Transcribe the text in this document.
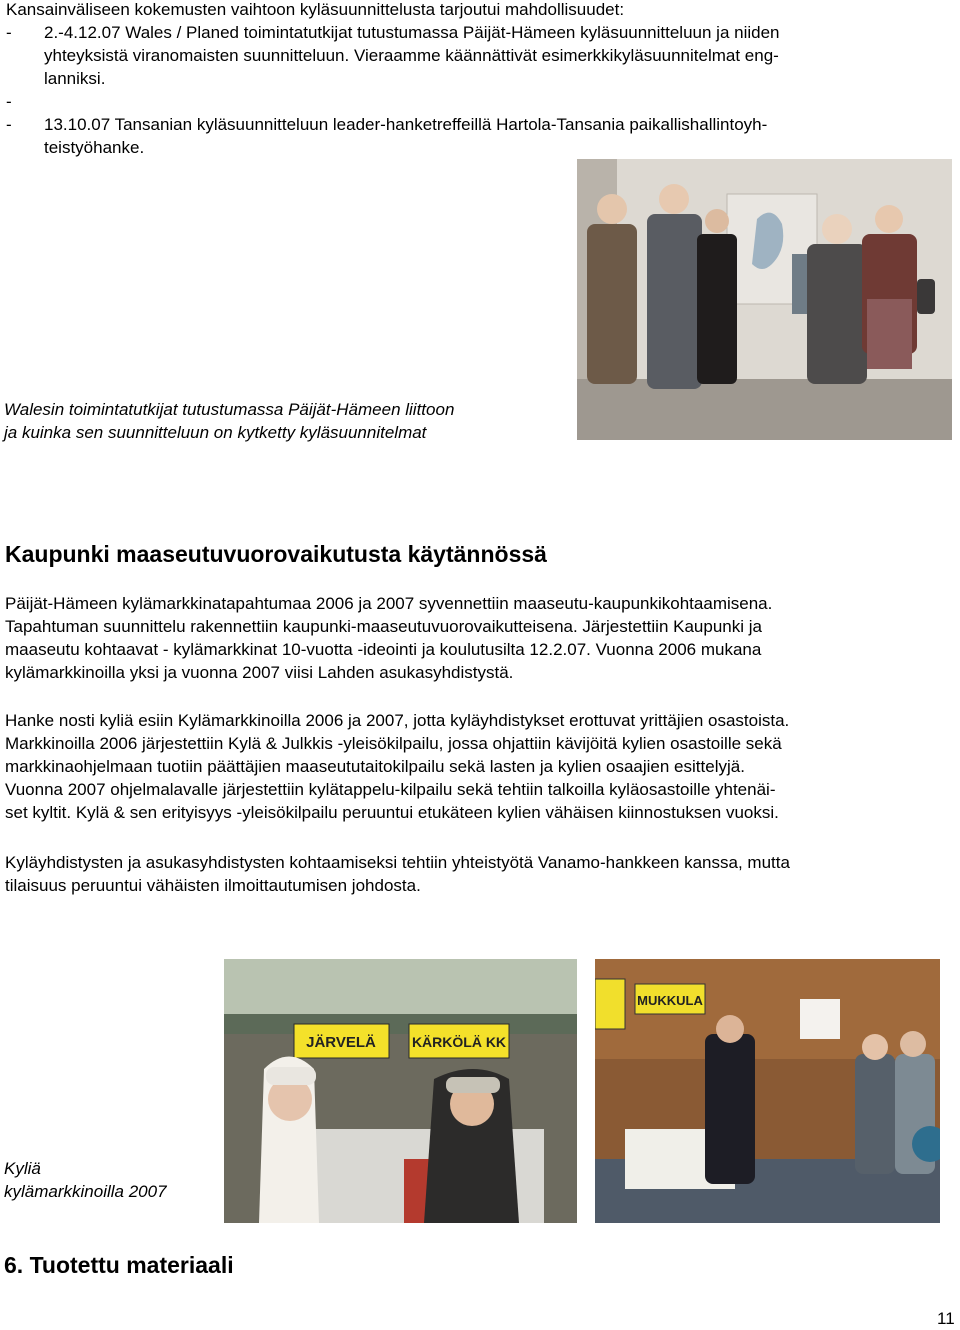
Kansainväliseen kokemusten vaihtoon kyläsuunnittelusta tarjoutui mahdollisuudet:
- 2.-4.12.07 Wales / Planed toimintatutkijat tutustumassa Päijät-Hämeen kyläsuunnitteluun ja niiden
yhteyksistä viranomaisten suunnitteluun. Vieraamme käännättivät esimerkkikyläsuunnitelmat eng-
lanniksi.
-
- 13.10.07 Tansanian kyläsuunnitteluun leader-hanketreffeillä Hartola-Tansania paikallishallintoyh-
teistyöhanke.
Walesin toimintatutkijat tutustumassa Päijät-Hämeen liittoon
ja kuinka sen suunnitteluun on kytketty kyläsuunnitelmat
Kaupunki maaseutuvuorovaikutusta käytännössä
Päijät-Hämeen kylämarkkinatapahtumaa 2006 ja 2007 syvennettiin maaseutu-kaupunkikohtaamisena.
Tapahtuman suunnittelu rakennettiin kaupunki-maaseutuvuorovaikutteisena. Järjestettiin Kaupunki ja
maaseutu kohtaavat - kylämarkkinat 10-vuotta -ideointi ja koulutusilta 12.2.07. Vuonna 2006 mukana
kylämarkkinoilla yksi ja vuonna 2007 viisi Lahden asukasyhdistystä.
Hanke nosti kyliä esiin Kylämarkkinoilla 2006 ja 2007, jotta kyläyhdistykset erottuvat yrittäjien osastoista.
Markkinoilla 2006 järjestettiin Kylä & Julkkis -yleisökilpailu, jossa ohjattiin kävijöitä kylien osastoille sekä
markkinaohjelmaan tuotiin päättäjien maaseututaitokilpailu sekä lasten ja kylien osaajien esittelyjä.
Vuonna 2007 ohjelmalavalle järjestettiin kylätappelu-kilpailu sekä tehtiin talkoilla kyläosastoille yhtenäi-
set kyltit. Kylä & sen erityisyys -yleisökilpailu peruuntui etukäteen kylien vähäisen kiinnostuksen vuoksi.
Kyläyhdistysten ja asukasyhdistysten kohtaamiseksi tehtiin yhteistyötä Vanamo-hankkeen kanssa, mutta
tilaisuus peruuntui vähäisten ilmoittautumisen johdosta.
JÄRVELÄ	KÄRKÖLÄ KK
MUKKULA
Kyliä
kylämarkkinoilla 2007
6. Tuotettu materiaali
11
